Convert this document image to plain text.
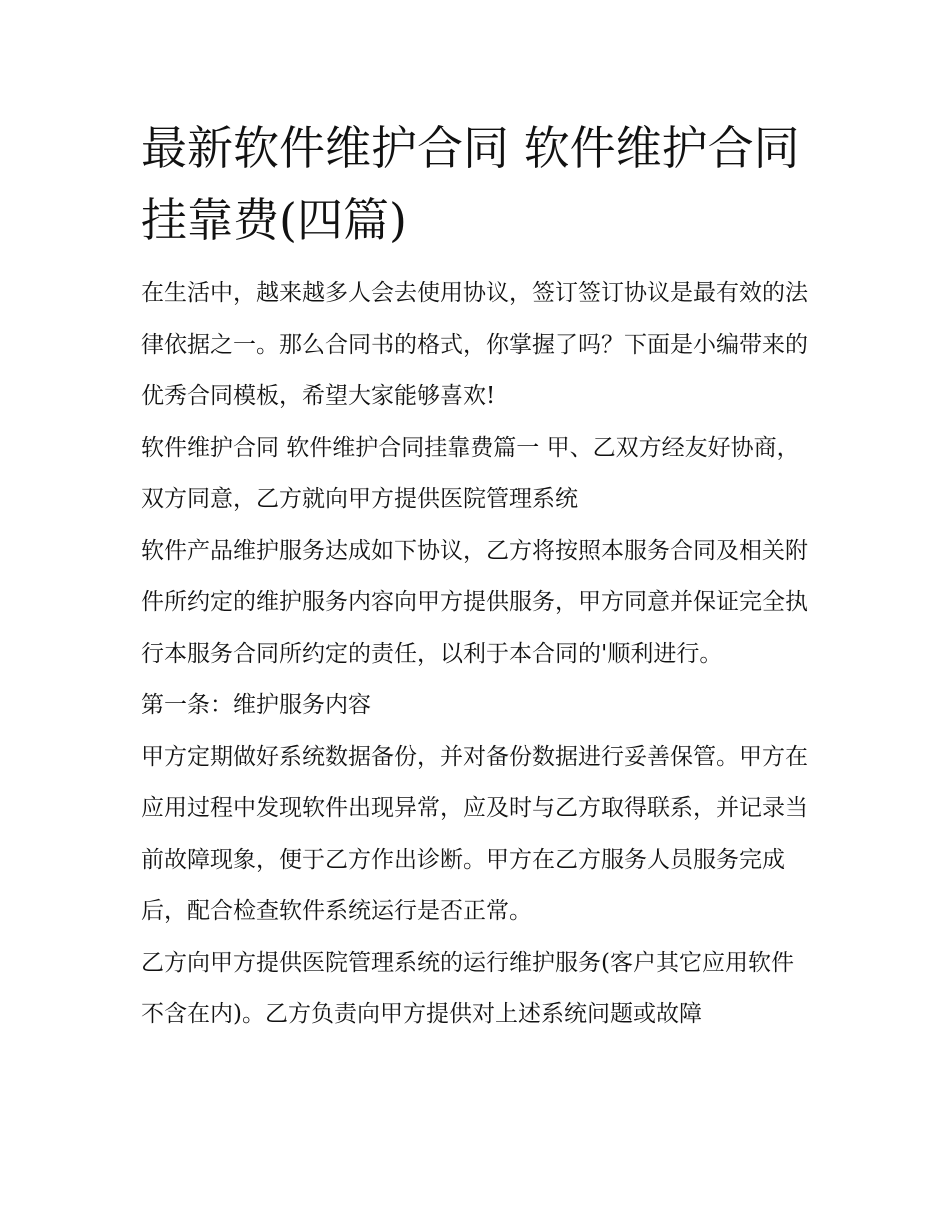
最新软件维护合同 软件维护合同挂靠费(四篇)

在生活中，越来越多人会去使用协议，签订签订协议是最有效的法律依据之一。那么合同书的格式，你掌握了吗？下面是小编带来的优秀合同模板，希望大家能够喜欢!

软件维护合同 软件维护合同挂靠费篇一 甲、乙双方经友好协商，双方同意，乙方就向甲方提供医院管理系统

软件产品维护服务达成如下协议，乙方将按照本服务合同及相关附件所约定的维护服务内容向甲方提供服务，甲方同意并保证完全执行本服务合同所约定的责任，以利于本合同的'顺利进行。

第一条：维护服务内容

甲方定期做好系统数据备份，并对备份数据进行妥善保管。甲方在应用过程中发现软件出现异常，应及时与乙方取得联系，并记录当前故障现象，便于乙方作出诊断。甲方在乙方服务人员服务完成后，配合检查软件系统运行是否正常。

乙方向甲方提供医院管理系统的运行维护服务(客户其它应用软件不含在内)。乙方负责向甲方提供对上述系统问题或故障
